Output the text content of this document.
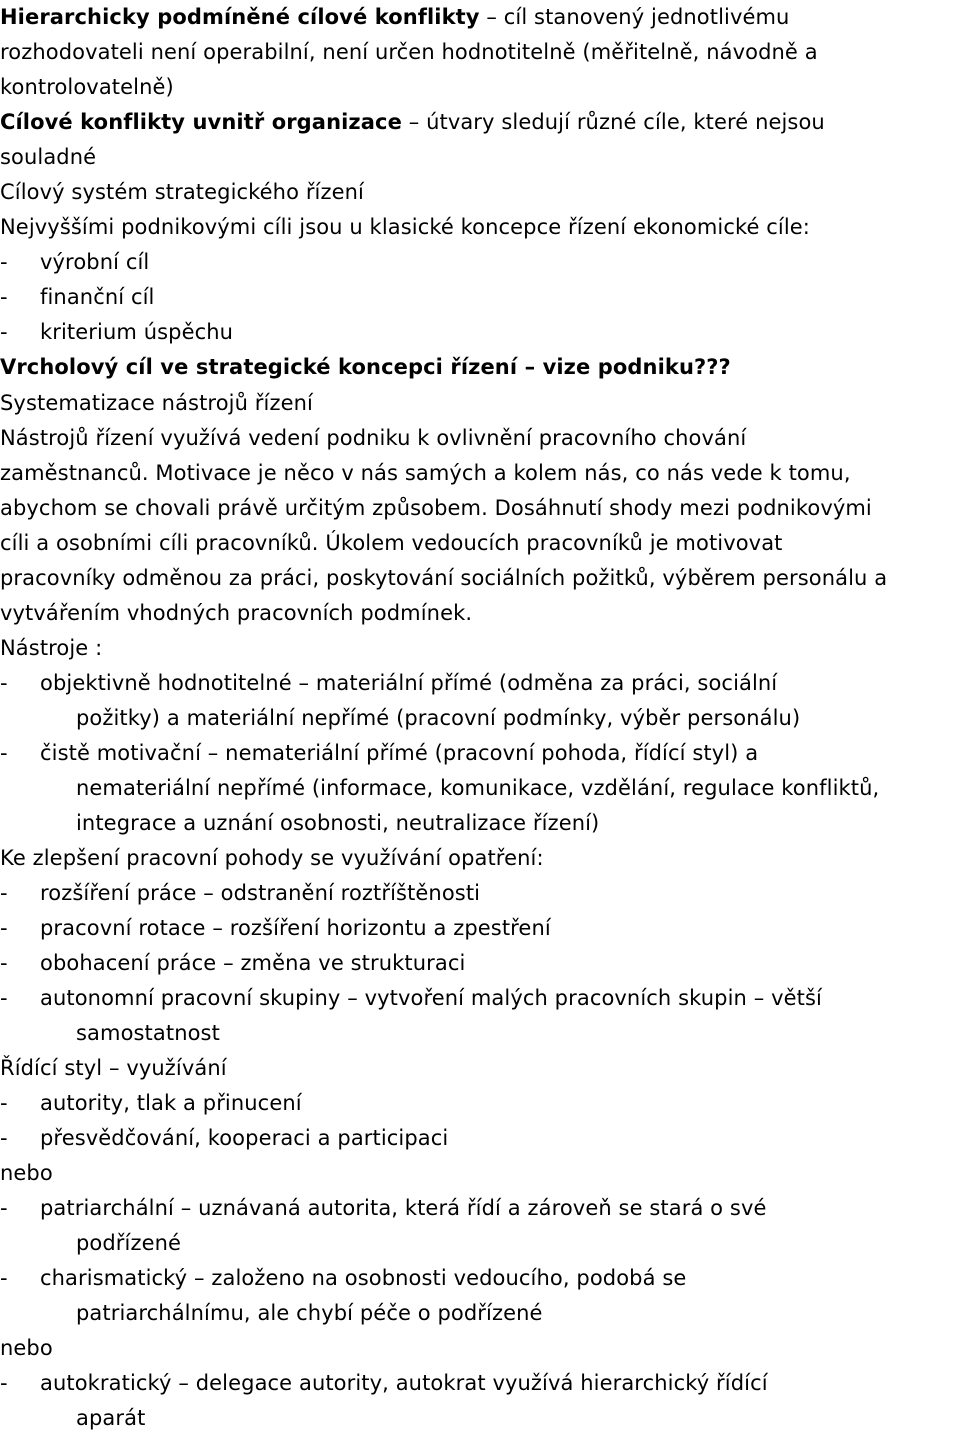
Hierarchicky podmíněné cílové konflikty – cíl stanovený jednotlivému
rozhodovateli není operabilní, není určen hodnotitelně (měřitelně, návodně a
kontrolovatelně)
Cílové konflikty uvnitř organizace – útvary sledují různé cíle, které nejsou
souladné
Cílový systém strategického řízení
Nejvyššími podnikovými cíli jsou u klasické koncepce řízení ekonomické cíle:
- výrobní cíl
- finanční cíl
- kriterium úspěchu
Vrcholový cíl ve strategické koncepci řízení – vize podniku???
Systematizace nástrojů řízení
Nástrojů řízení využívá vedení podniku k ovlivnění pracovního chování
zaměstnanců. Motivace je něco v nás samých a kolem nás, co nás vede k tomu,
abychom se chovali právě určitým způsobem. Dosáhnutí shody mezi podnikovými
cíli a osobními cíli pracovníků. Úkolem vedoucích pracovníků je motivovat
pracovníky odměnou za práci, poskytování sociálních požitků, výběrem personálu a
vytvářením vhodných pracovních podmínek.
Nástroje :
- objektivně hodnotitelné – materiální přímé (odměna za práci, sociální
požitky) a materiální nepřímé (pracovní podmínky, výběr personálu)
- čistě motivační – nemateriální přímé (pracovní pohoda, řídící styl) a
nemateriální nepřímé (informace, komunikace, vzdělání, regulace konfliktů,
integrace a uznání osobnosti, neutralizace řízení)
Ke zlepšení pracovní pohody se využívání opatření:
- rozšíření práce – odstranění roztříštěnosti
- pracovní rotace – rozšíření horizontu a zpestření
- obohacení práce – změna ve strukturaci
- autonomní pracovní skupiny – vytvoření malých pracovních skupin – větší
samostatnost
Řídící styl – využívání
- autority, tlak a přinucení
- přesvědčování, kooperaci a participaci
nebo
- patriarchální – uznávaná autorita, která řídí a zároveň se stará o své
podřízené
- charismatický – založeno na osobnosti vedoucího, podobá se
patriarchálnímu, ale chybí péče o podřízené
nebo
- autokratický – delegace autority, autokrat využívá hierarchický řídící
aparát
